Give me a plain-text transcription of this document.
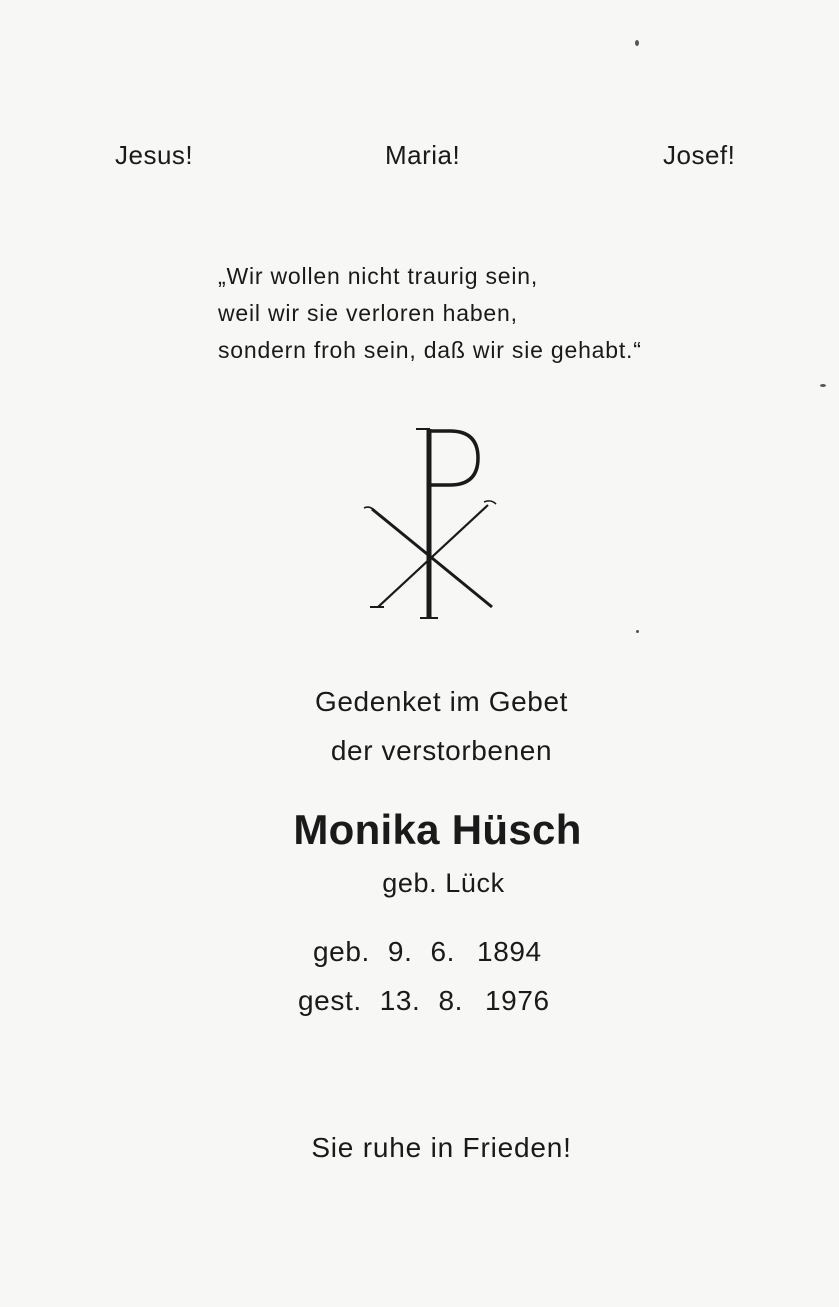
Jesus!	Maria!	Josef!
„Wir wollen nicht traurig sein,
weil wir sie verloren haben,
sondern froh sein, daß wir sie gehabt.“
Gedenket im Gebet
der verstorbenen
Monika Hüsch
geb. Lück
geb. 9. 6. 1894
gest. 13. 8. 1976
Sie ruhe in Frieden!
